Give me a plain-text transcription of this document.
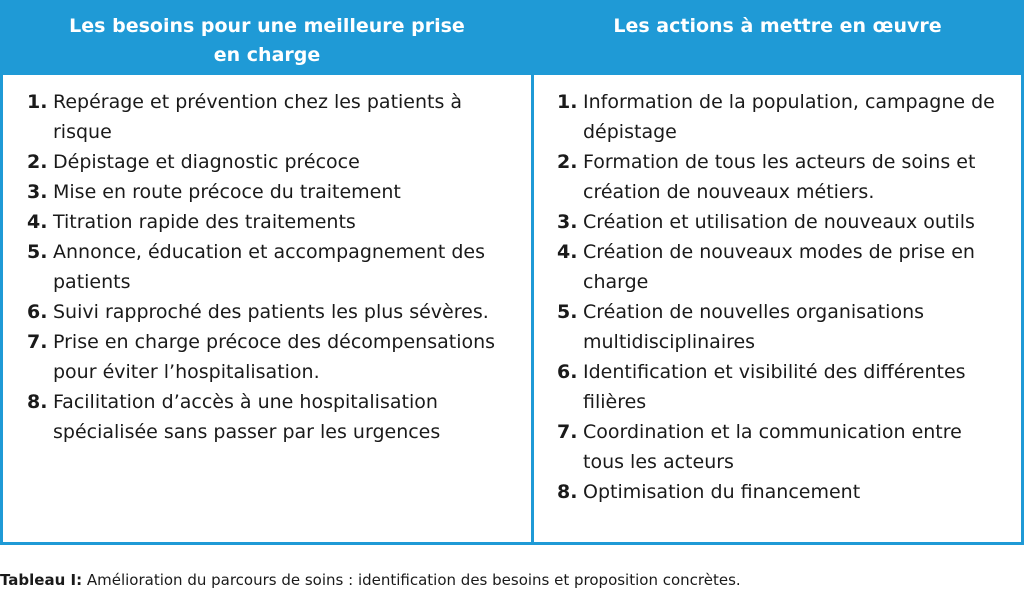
Les besoins pour une meilleure prise en charge
Les actions à mettre en œuvre
1. Repérage et prévention chez les patients à risque
2. Dépistage et diagnostic précoce
3. Mise en route précoce du traitement
4. Titration rapide des traitements
5. Annonce, éducation et accompagnement des patients
6. Suivi rapproché des patients les plus sévères.
7. Prise en charge précoce des décompensations pour éviter l’hospitalisation.
8. Facilitation d’accès à une hospitalisation spécialisée sans passer par les urgences
1. Information de la population, campagne de dépistage
2. Formation de tous les acteurs de soins et création de nouveaux métiers.
3. Création et utilisation de nouveaux outils
4. Création de nouveaux modes de prise en charge
5. Création de nouvelles organisations multidisciplinaires
6. Identification et visibilité des différentes filières
7. Coordination et la communication entre tous les acteurs
8. Optimisation du financement
Tableau I: Amélioration du parcours de soins : identification des besoins et proposition concrètes.
